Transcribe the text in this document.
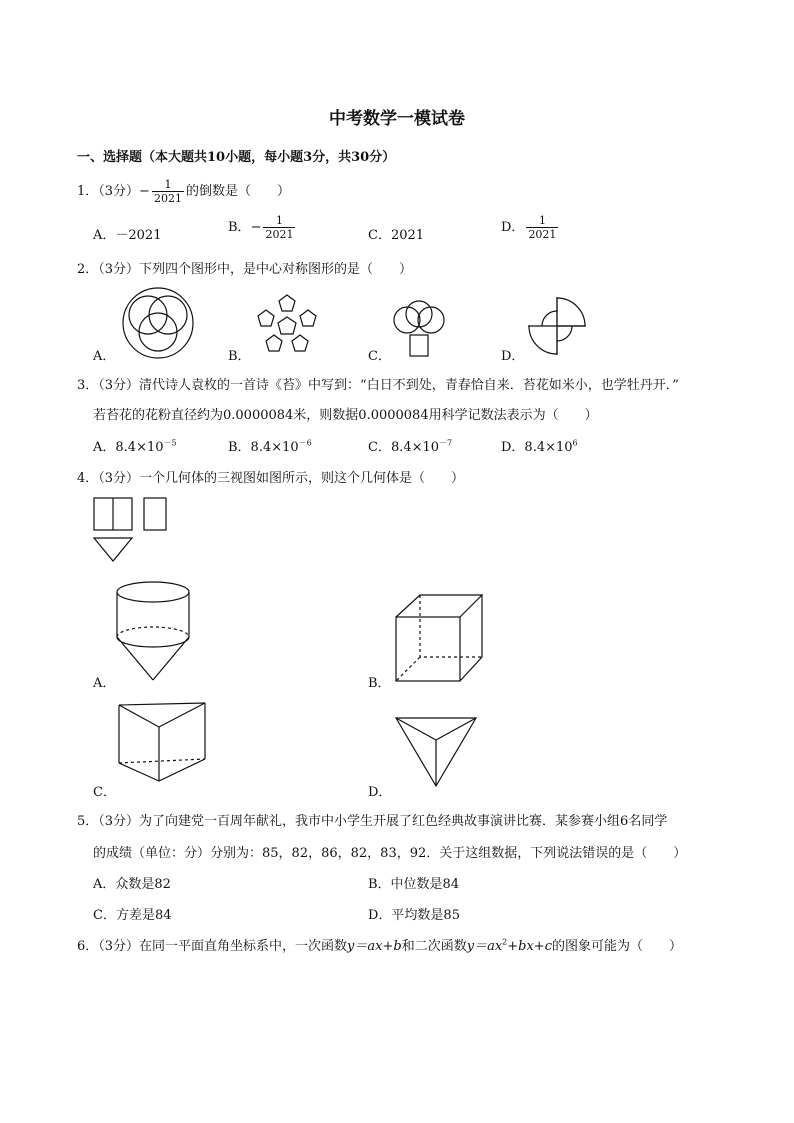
中考数学一模试卷
一、选择题（本大题共10小题，每小题3分，共30分）
1．（3分）− $\frac{1}{2021}$ 的倒数是（　　）
A．－2021
B．− $\frac{1}{2021}$	C．2021
D． $\frac{1}{2021}$
2．（3分）下列四个图形中，是中心对称图形的是（　　）
A．	B．	C．	D．
3．（3分）清代诗人袁枚的一首诗《苔》中写到：“白日不到处，青春恰自来．苔花如米小，也学牡丹开．”
若苔花的花粉直径约为0.0000084米，则数据0.0000084用科学记数法表示为（　　）
A．$8.4\times 10^{-5}$	B．$8.4\times 10^{-6}$	C．$8.4\times 10^{-7}$	D．$8.4\times 10^6$
4．（3分）一个几何体的三视图如图所示，则这个几何体是（　　）
A．	B．
C．	D．
5．（3分）为了向建党一百周年献礼，我市中小学生开展了红色经典故事演讲比赛．某参赛小组6名同学
的成绩（单位：分）分别为：85，82，86，82，83，92．关于这组数据，下列说法错误的是（　　）
A．众数是82	B．中位数是84
C．方差是84	D．平均数是85
6．（3分）在同一平面直角坐标系中，一次函数y＝ax+b和二次函数$y=ax^2+bx+c$的图象可能为（　　）
